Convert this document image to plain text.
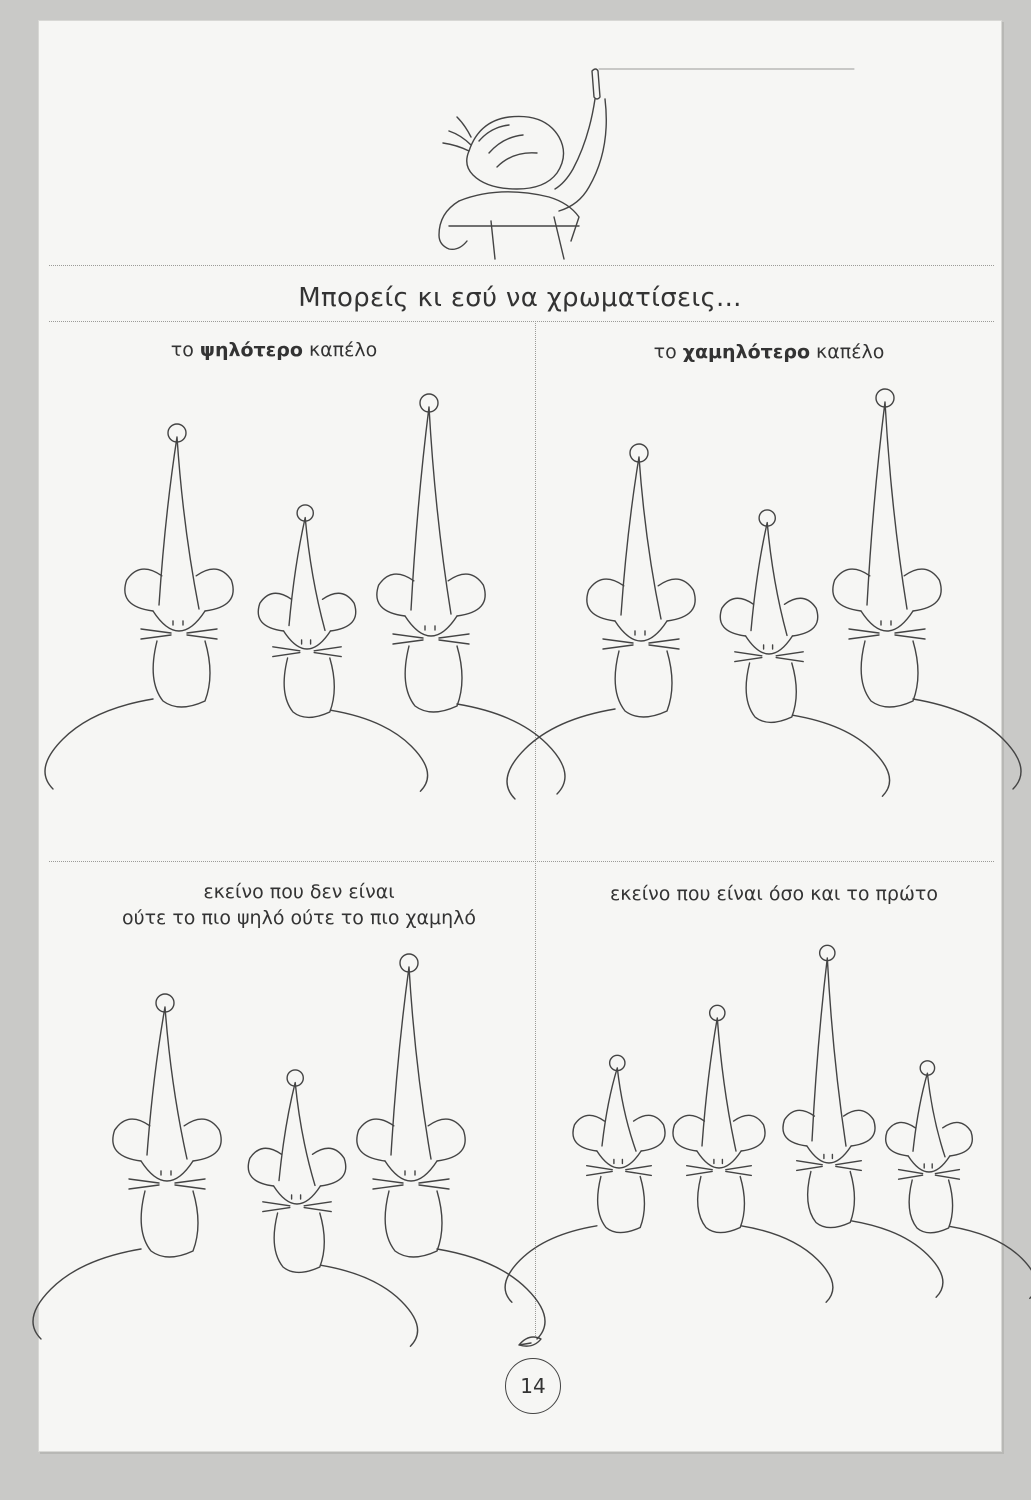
Μπορείς κι εσύ να χρωματίσεις...
το ψηλότερο καπέλο	το χαμηλότερο καπέλο
εκείνο που δεν είναι
ούτε το πιο ψηλό ούτε το πιο χαμηλό
εκείνο που είναι όσο και το πρώτο
14
